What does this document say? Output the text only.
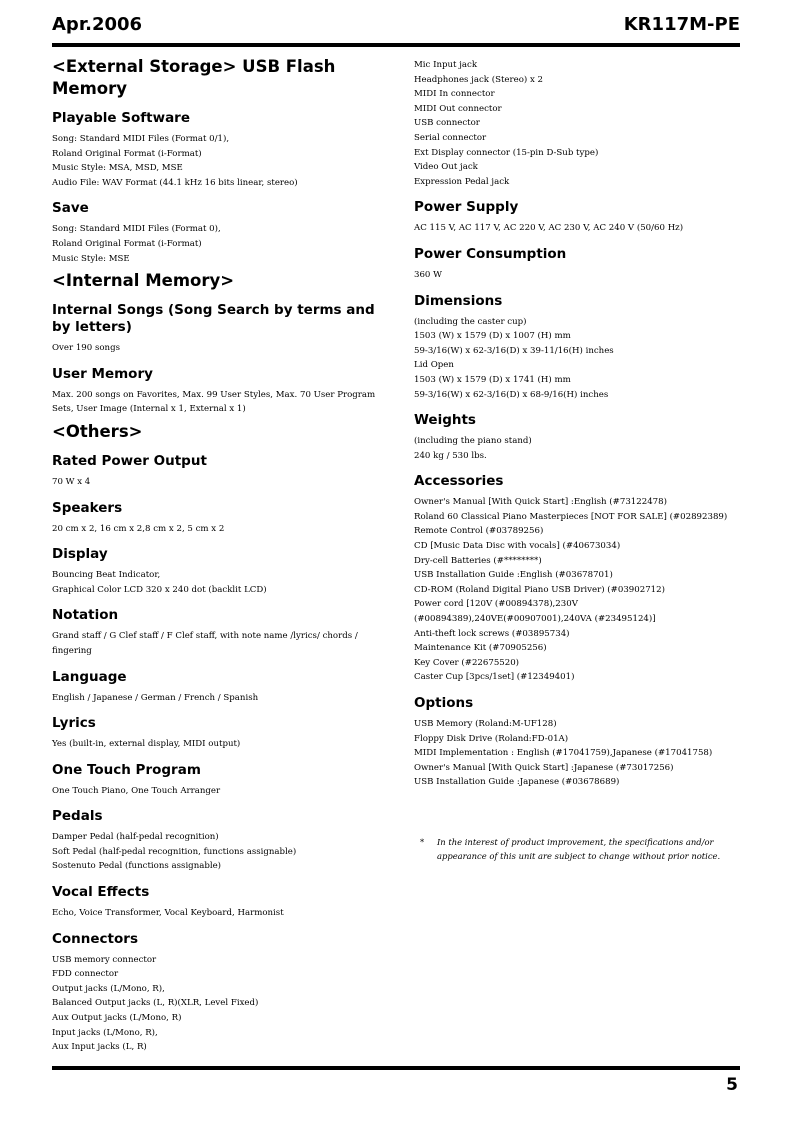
Apr.2006	KR117M-PE
<External Storage> USB Flash Memory
Playable Software
Song: Standard MIDI Files (Format 0/1),
Roland Original Format (i-Format)
Music Style: MSA, MSD, MSE
Audio File: WAV Format (44.1 kHz 16 bits linear, stereo)
Save
Song: Standard MIDI Files (Format 0),
Roland Original Format (i-Format)
Music Style: MSE
<Internal Memory>
Internal Songs (Song Search by terms and by letters)
Over 190 songs
User Memory
Max. 200 songs on Favorites, Max. 99 User Styles, Max. 70 User Program Sets, User Image (Internal x 1, External x 1)
<Others>
Rated Power Output
70 W x 4
Speakers
20 cm x 2, 16 cm x 2,8 cm x 2, 5 cm x 2
Display
Bouncing Beat Indicator,
Graphical Color LCD 320 x 240 dot (backlit LCD)
Notation
Grand staff / G Clef staff / F Clef staff, with note name /lyrics/ chords / fingering
Language
English / Japanese / German / French / Spanish
Lyrics
Yes (built-in, external display, MIDI output)
One Touch Program
One Touch Piano, One Touch Arranger
Pedals
Damper Pedal (half-pedal recognition)
Soft Pedal (half-pedal recognition, functions assignable)
Sostenuto Pedal (functions assignable)
Vocal Effects
Echo, Voice Transformer, Vocal Keyboard, Harmonist
Connectors
USB memory connector
FDD connector
Output jacks (L/Mono, R),
Balanced Output jacks (L, R)(XLR, Level Fixed)
Aux Output jacks (L/Mono, R)
Input jacks (L/Mono, R),
Aux Input jacks (L, R)
Mic Input jack
Headphones jack (Stereo) x 2
MIDI In connector
MIDI Out connector
USB connector
Serial connector
Ext Display connector (15-pin D-Sub type)
Video Out jack
Expression Pedal jack
Power Supply
AC 115 V, AC 117 V, AC 220 V, AC 230 V, AC 240 V (50/60 Hz)
Power Consumption
360 W
Dimensions
(including the caster cup)
1503 (W) x 1579 (D) x 1007 (H) mm
59-3/16(W) x 62-3/16(D) x 39-11/16(H) inches
Lid Open
1503 (W) x 1579 (D) x 1741 (H) mm
59-3/16(W) x 62-3/16(D) x 68-9/16(H) inches
Weights
(including the piano stand)
240 kg / 530 lbs.
Accessories
Owner's Manual [With Quick Start] :English (#73122478)
Roland 60 Classical Piano Masterpieces [NOT FOR SALE] (#02892389)
Remote Control (#03789256)
CD [Music Data Disc with vocals] (#40673034)
Dry-cell Batteries (#********)
USB Installation Guide :English (#03678701)
CD-ROM (Roland Digital Piano USB Driver) (#03902712)
Power cord [120V (#00894378),230V (#00894389),240VE(#00907001),240VA (#23495124)]
Anti-theft lock screws (#03895734)
Maintenance Kit (#70905256)
Key Cover (#22675520)
Caster Cup [3pcs/1set] (#12349401)
Options
USB Memory (Roland:M-UF128)
Floppy Disk Drive (Roland:FD-01A)
MIDI Implementation : English (#17041759),Japanese (#17041758)
Owner's Manual [With Quick Start] :Japanese (#73017256)
USB Installation Guide :Japanese (#03678689)
* In the interest of product improvement, the specifications and/or appearance of this unit are subject to change without prior notice.
5
